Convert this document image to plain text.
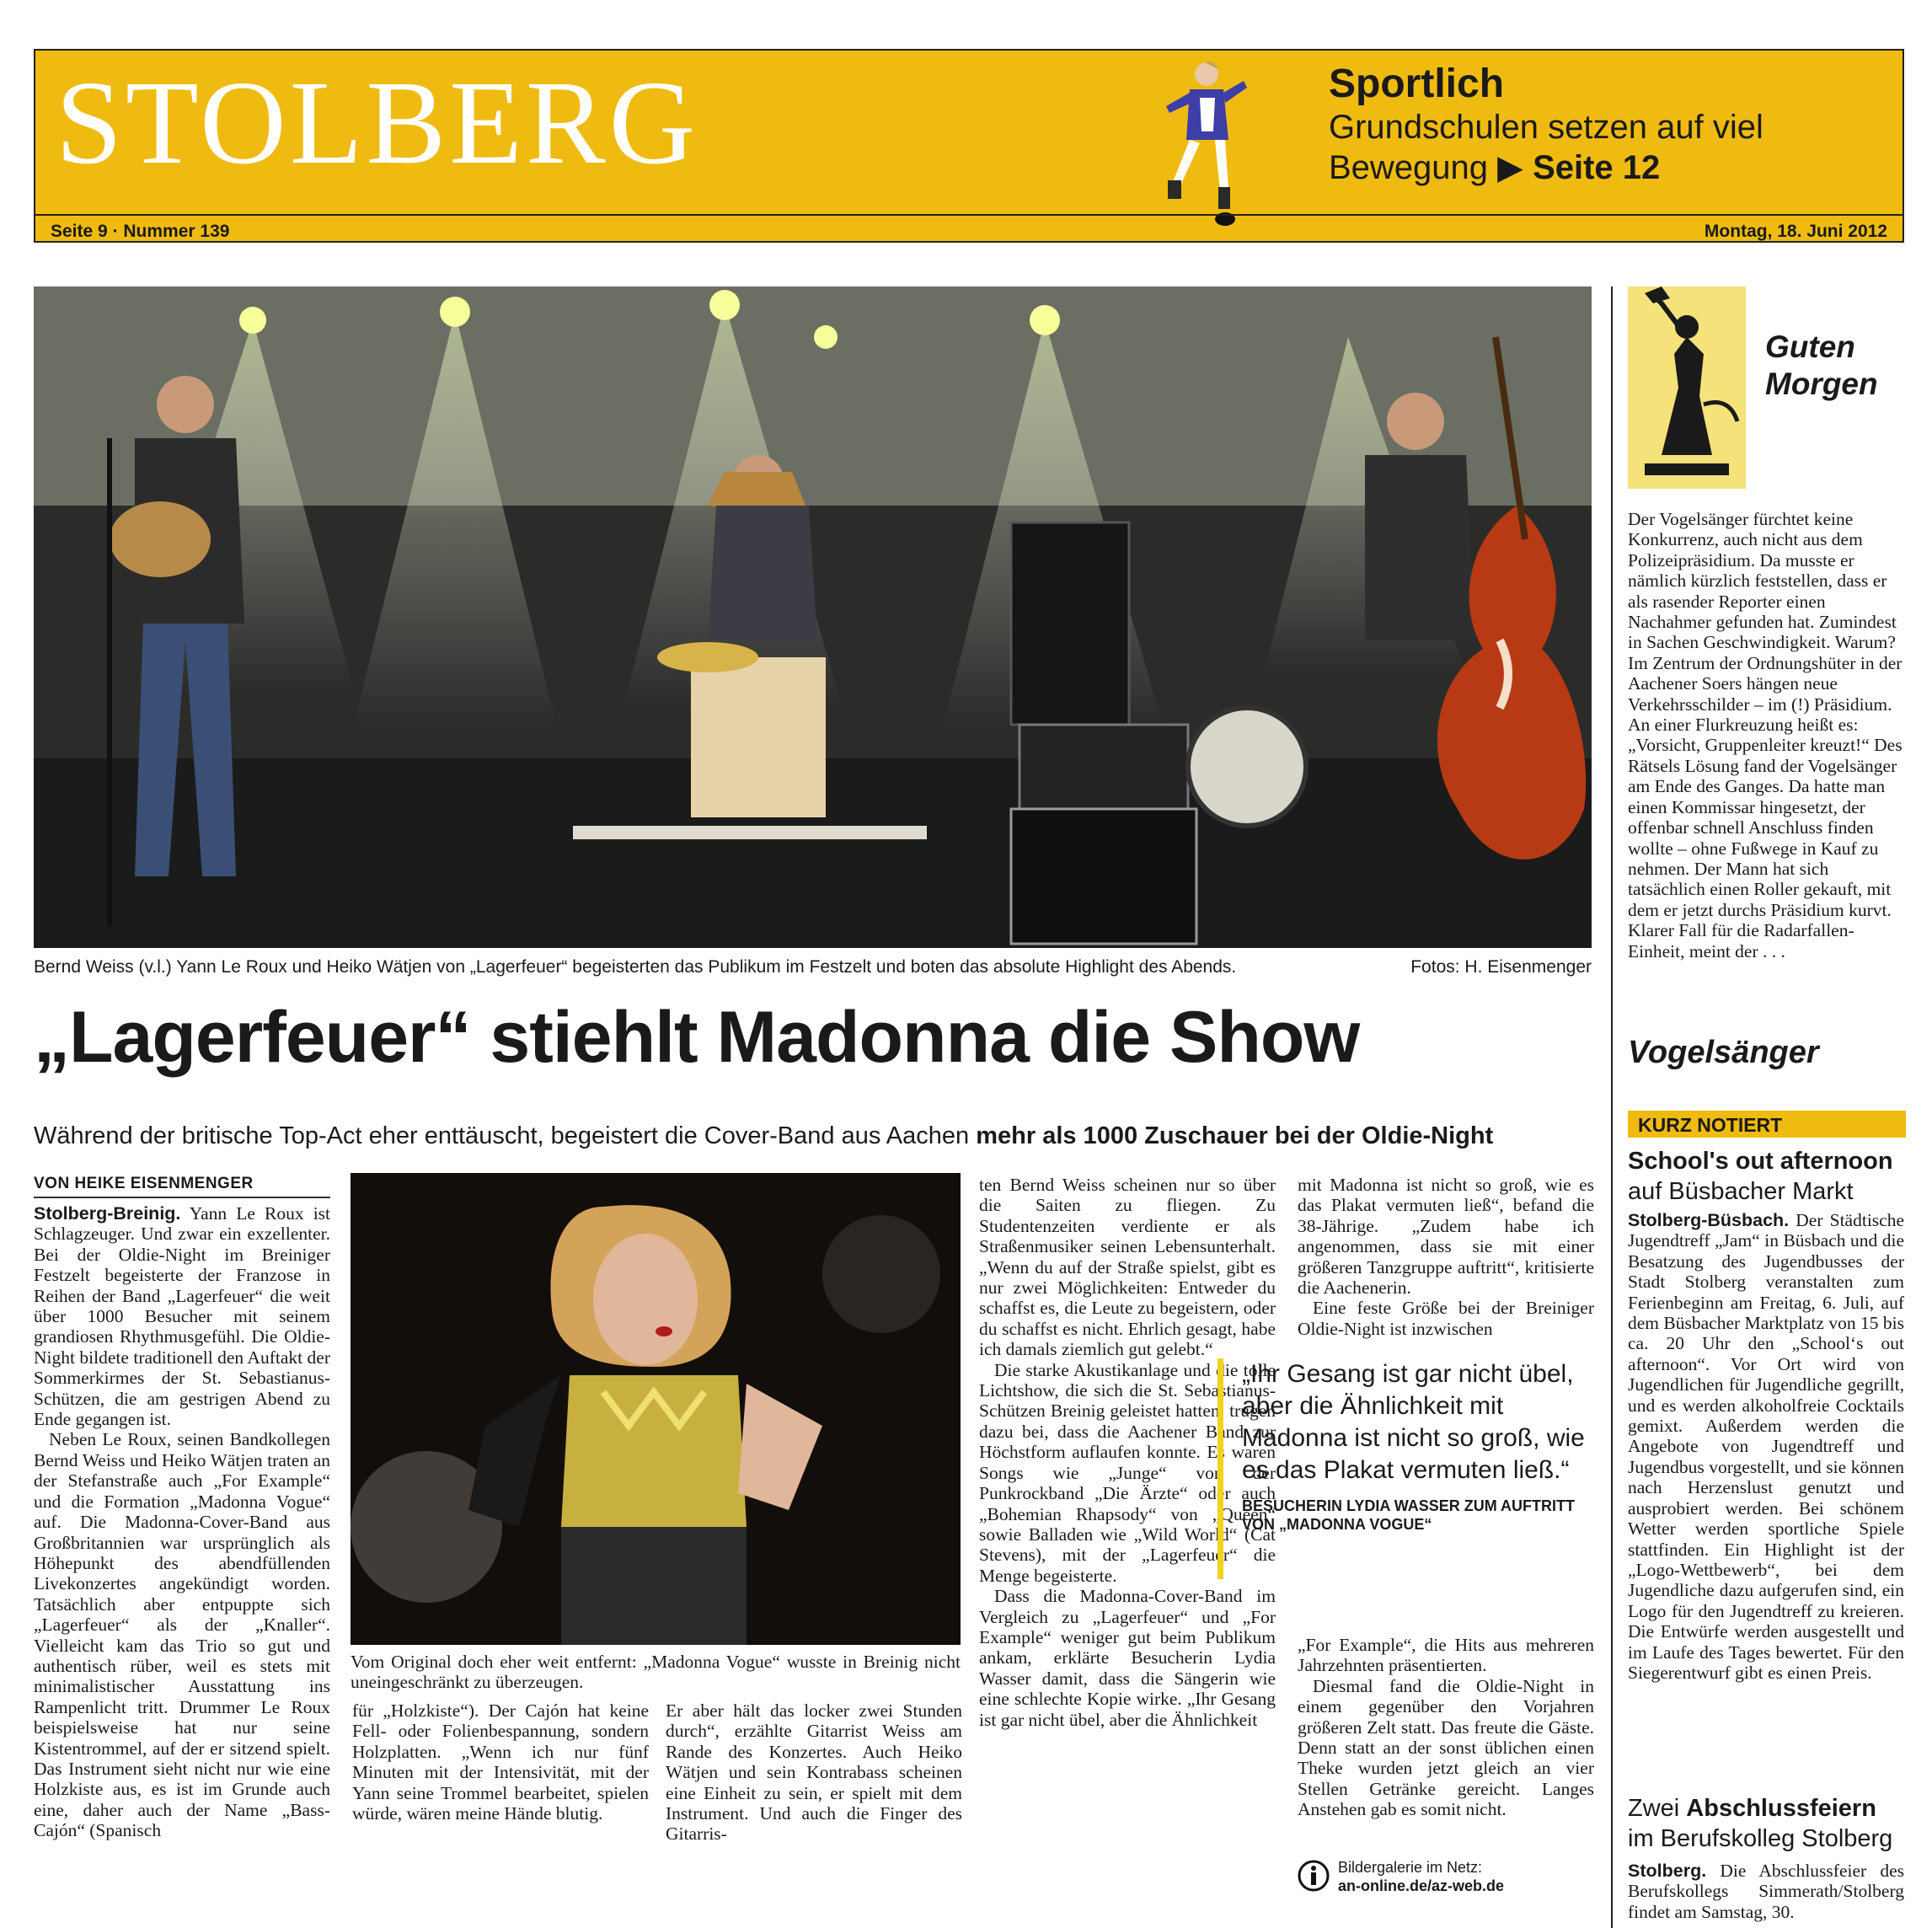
STOLBERG	Sportlich
Grundschulen setzen auf viel
Bewegung ▶ Seite 12
Seite 9 · Nummer 139	Montag, 18. Juni 2012
Bernd Weiss (v.l.) Yann Le Roux und Heiko Wätjen von „Lagerfeuer“ begeisterten das Publikum im Festzelt und boten das absolute Highlight des Abends.	Fotos: H. Eisenmenger
„Lagerfeuer“ stiehlt Madonna die Show
Während der britische Top-Act eher enttäuscht, begeistert die Cover-Band aus Aachen mehr als 1000 Zuschauer bei der Oldie-Night
VON HEIKE EISENMENGER

Stolberg-Breinig. Yann Le Roux ist Schlagzeuger. Und zwar ein exzellenter. Bei der Oldie-Night im Breiniger Festzelt begeisterte der Franzose in Reihen der Band „Lagerfeuer“ die weit über 1000 Besucher mit seinem grandiosen Rhythmusgefühl. Die Oldie-Night bildete traditionell den Auftakt der Sommerkirmes der St. Sebastianus-Schützen, die am gestrigen Abend zu Ende gegangen ist.

Neben Le Roux, seinen Bandkollegen Bernd Weiss und Heiko Wätjen traten an der Stefanstraße auch „For Example“ und die Formation „Madonna Vogue“ auf. Die Madonna-Cover-Band aus Großbritannien war ursprünglich als Höhepunkt des abendfüllenden Livekonzertes angekündigt worden. Tatsächlich aber entpuppte sich „Lagerfeuer“ als der „Knaller“. Vielleicht kam das Trio so gut und authentisch rüber, weil es stets mit minimalistischer Ausstattung ins Rampenlicht tritt. Drummer Le Roux beispielsweise hat nur seine Kistentrommel, auf der er sitzend spielt. Das Instrument sieht nicht nur wie eine Holzkiste aus, es ist im Grunde auch eine, daher auch der Name „Bass-Cajón“ (Spanisch

Vom Original doch eher weit entfernt: „Madonna Vogue“ wusste in Breinig nicht uneingeschränkt zu überzeugen.

für „Holzkiste“). Der Cajón hat keine Fell- oder Folienbespannung, sondern Holzplatten. „Wenn ich nur fünf Minuten mit der Intensivität, mit der Yann seine Trommel bearbeitet, spielen würde, wären meine Hände blutig.

Er aber hält das locker zwei Stunden durch“, erzählte Gitarrist Weiss am Rande des Konzertes. Auch Heiko Wätjen und sein Kontrabass scheinen eine Einheit zu sein, er spielt mit dem Instrument. Und auch die Finger des Gitarris-

ten Bernd Weiss scheinen nur so über die Saiten zu fliegen. Zu Studentenzeiten verdiente er als Straßenmusiker seinen Lebensunterhalt. „Wenn du auf der Straße spielst, gibt es nur zwei Möglichkeiten: Entweder du schaffst es, die Leute zu begeistern, oder du schaffst es nicht. Ehrlich gesagt, habe ich damals ziemlich gut gelebt.“

Die starke Akustikanlage und die tolle Lichtshow, die sich die St. Sebastianus-Schützen Breinig geleistet hatten, trugen dazu bei, dass die Aachener Band zur Höchstform auflaufen konnte. Es waren Songs wie „Junge“ von der Punkrockband „Die Ärzte“ oder auch „Bohemian Rhapsody“ von „Queen“ sowie Balladen wie „Wild World“ (Cat Stevens), mit der „Lagerfeuer“ die Menge begeisterte.

Dass die Madonna-Cover-Band im Vergleich zu „Lagerfeuer“ und „For Example“ weniger gut beim Publikum ankam, erklärte Besucherin Lydia Wasser damit, dass die Sängerin wie eine schlechte Kopie wirke. „Ihr Gesang ist gar nicht übel, aber die Ähnlichkeit

mit Madonna ist nicht so groß, wie es das Plakat vermuten ließ“, befand die 38-Jährige. „Zudem habe ich angenommen, dass sie mit einer größeren Tanzgruppe auftritt“, kritisierte die Aachenerin.

Eine feste Größe bei der Breiniger Oldie-Night ist inzwischen

„Ihr Gesang ist gar nicht übel, aber die Ähnlichkeit mit Madonna ist nicht so groß, wie es das Plakat vermuten ließ.“
BESUCHERIN LYDIA WASSER ZUM AUFTRITT VON „MADONNA VOGUE“

„For Example“, die Hits aus mehreren Jahrzehnten präsentierten.

Diesmal fand die Oldie-Night in einem gegenüber den Vorjahren größeren Zelt statt. Das freute die Gäste. Denn statt an der sonst üblichen einen Theke wurden jetzt gleich an vier Stellen Getränke gereicht. Langes Anstehen gab es somit nicht.

Bildergalerie im Netz:
an-online.de/az-web.de
Guten
Morgen

Der Vogelsänger fürchtet keine Konkurrenz, auch nicht aus dem Polizeipräsidium. Da musste er nämlich kürzlich feststellen, dass er als rasender Reporter einen Nachahmer gefunden hat. Zumindest in Sachen Geschwindigkeit. Warum? Im Zentrum der Ordnungshüter in der Aachener Soers hängen neue Verkehrsschilder – im (!) Präsidium. An einer Flurkreuzung heißt es: „Vorsicht, Gruppenleiter kreuzt!“ Des Rätsels Lösung fand der Vogelsänger am Ende des Ganges. Da hatte man einen Kommissar hingesetzt, der offenbar schnell Anschluss finden wollte – ohne Fußwege in Kauf zu nehmen. Der Mann hat sich tatsächlich einen Roller gekauft, mit dem er jetzt durchs Präsidium kurvt. Klarer Fall für die Radarfallen-Einheit, meint der . . .

Vogelsänger
KURZ NOTIERT
School's out afternoon
auf Büsbacher Markt
Stolberg-Büsbach. Der Städtische Jugendtreff „Jam“ in Büsbach und die Besatzung des Jugendbusses der Stadt Stolberg veranstalten zum Ferienbeginn am Freitag, 6. Juli, auf dem Büsbacher Marktplatz von 15 bis ca. 20 Uhr den „School‘s out afternoon“. Vor Ort wird von Jugendlichen für Jugendliche gegrillt, und es werden alkoholfreie Cocktails gemixt. Außerdem werden die Angebote von Jugendtreff und Jugendbus vorgestellt, und sie können nach Herzenslust genutzt und ausprobiert werden. Bei schönem Wetter werden sportliche Spiele stattfinden. Ein Highlight ist der „Logo-Wettbewerb“, bei dem Jugendliche dazu aufgerufen sind, ein Logo für den Jugendtreff zu kreieren. Die Entwürfe werden ausgestellt und im Laufe des Tages bewertet. Für den Siegerentwurf gibt es einen Preis.
Zwei Abschlussfeiern
im Berufskolleg Stolberg
Stolberg. Die Abschlussfeier des Berufskollegs Simmerath/Stolberg findet am Samstag, 30.
